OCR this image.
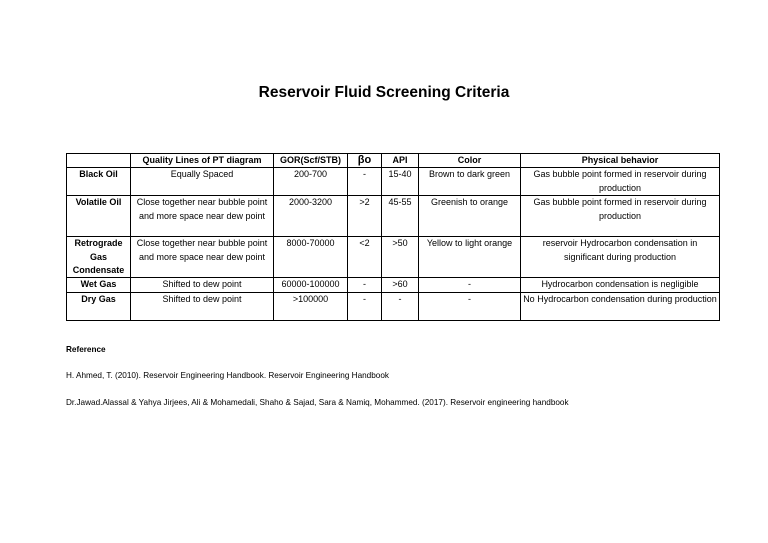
Reservoir Fluid Screening Criteria
	Quality Lines of PT diagram	GOR(Scf/STB)	βo	API	Color	Physical behavior
Black Oil	Equally Spaced	200-700	-	15-40	Brown to dark green	Gas bubble point formed in reservoir during production
Volatile Oil	Close together near bubble point and more space near dew point	2000-3200	>2	45-55	Greenish to orange	Gas bubble point formed in reservoir during production
Retrograde Gas Condensate	Close together near bubble point and more space near dew point	8000-70000	<2	>50	Yellow to light orange	reservoir Hydrocarbon condensation in significant during production
Wet Gas	Shifted to dew point	60000-100000	-	>60	-	Hydrocarbon condensation is negligible
Dry Gas	Shifted to dew point	>100000	-	-	-	No Hydrocarbon condensation during production
Reference
H. Ahmed, T. (2010). Reservoir Engineering Handbook. Reservoir Engineering Handbook
Dr.Jawad.Alassal & Yahya Jirjees, Ali & Mohamedali, Shaho & Sajad, Sara & Namiq, Mohammed. (2017). Reservoir engineering handbook
